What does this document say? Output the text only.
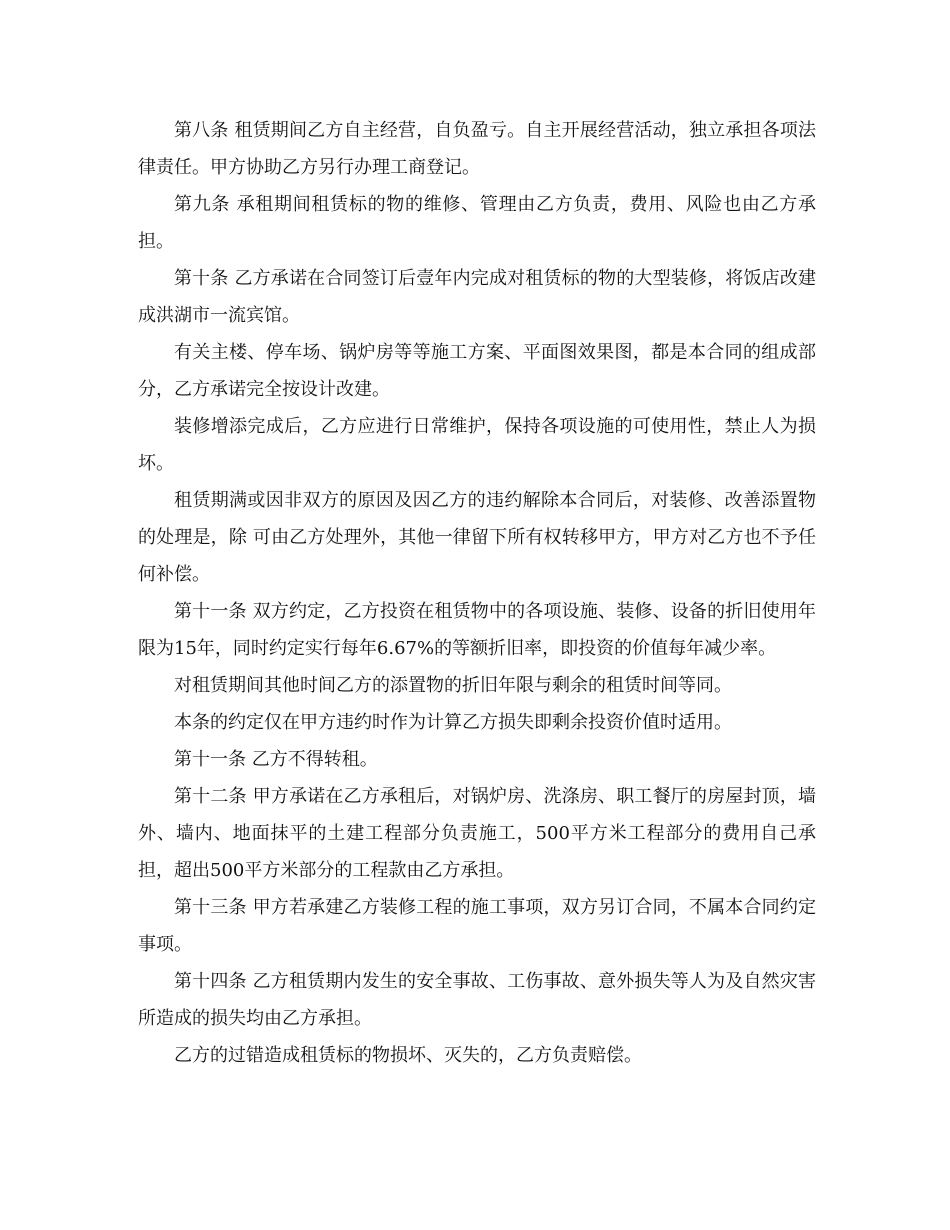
第八条 租赁期间乙方自主经营，自负盈亏。自主开展经营活动，独立承担各项法律责任。甲方协助乙方另行办理工商登记。

第九条 承租期间租赁标的物的维修、管理由乙方负责，费用、风险也由乙方承担。

第十条 乙方承诺在合同签订后壹年内完成对租赁标的物的大型装修，将饭店改建成洪湖市一流宾馆。

有关主楼、停车场、锅炉房等等施工方案、平面图效果图，都是本合同的组成部分，乙方承诺完全按设计改建。

装修增添完成后，乙方应进行日常维护，保持各项设施的可使用性，禁止人为损坏。

租赁期满或因非双方的原因及因乙方的违约解除本合同后，对装修、改善添置物的处理是，除 可由乙方处理外，其他一律留下所有权转移甲方，甲方对乙方也不予任何补偿。

第十一条 双方约定，乙方投资在租赁物中的各项设施、装修、设备的折旧使用年限为15年，同时约定实行每年6.67%的等额折旧率，即投资的价值每年减少率。

对租赁期间其他时间乙方的添置物的折旧年限与剩余的租赁时间等同。

本条的约定仅在甲方违约时作为计算乙方损失即剩余投资价值时适用。

第十一条 乙方不得转租。

第十二条 甲方承诺在乙方承租后，对锅炉房、洗涤房、职工餐厅的房屋封顶，墙外、墙内、地面抹平的土建工程部分负责施工，500平方米工程部分的费用自己承担，超出500平方米部分的工程款由乙方承担。

第十三条 甲方若承建乙方装修工程的施工事项，双方另订合同，不属本合同约定事项。

第十四条 乙方租赁期内发生的安全事故、工伤事故、意外损失等人为及自然灾害所造成的损失均由乙方承担。

乙方的过错造成租赁标的物损坏、灭失的，乙方负责赔偿。
